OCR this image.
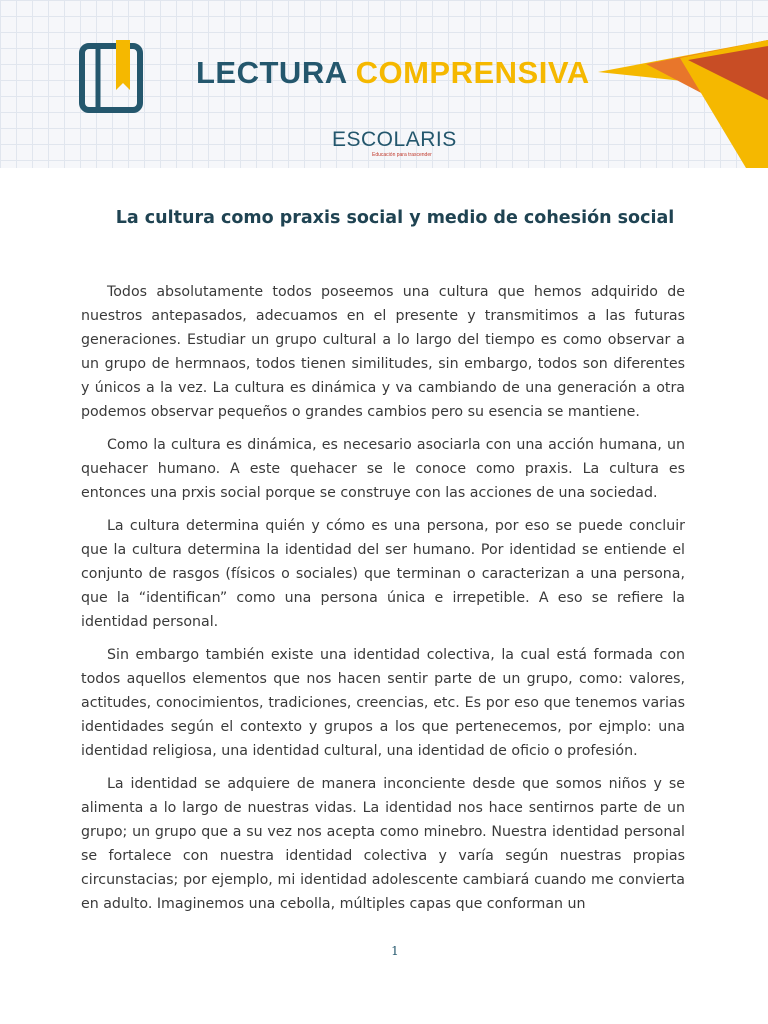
LECTURA COMPRENSIVA
ESCOLARIS
Educación para trascender
La cultura como praxis social y medio de cohesión social

Todos absolutamente todos poseemos una cultura que hemos adquirido de nuestros antepasados, adecuamos en el presente y transmitimos a las futuras generaciones. Estudiar un grupo cultural a lo largo del tiempo es como observar a un grupo de hermnaos, todos tienen similitudes, sin embargo, todos son diferentes y únicos a la vez. La cultura es dinámica y va cambiando de una generación a otra podemos observar pequeños o grandes cambios pero su esencia se mantiene.

Como la cultura es dinámica, es necesario asociarla con una acción humana, un quehacer humano. A este quehacer se le conoce como praxis. La cultura es entonces una prxis social porque se construye con las acciones de una sociedad.

La cultura determina quién y cómo es una persona, por eso se puede concluir que la cultura determina la identidad del ser humano. Por identidad se entiende el conjunto de rasgos (físicos o sociales) que terminan o caracterizan a una persona, que la “identifican” como una persona única e irrepetible. A eso se refiere la identidad personal.

Sin embargo también existe una identidad colectiva, la cual está formada con todos aquellos elementos que nos hacen sentir parte de un grupo, como: valores, actitudes, conocimientos, tradiciones, creencias, etc. Es por eso que tenemos varias identidades según el contexto y grupos a los que pertenecemos, por ejmplo: una identidad religiosa, una identidad cultural, una identidad de oficio o profesión.

La identidad se adquiere de manera inconciente desde que somos niños y se alimenta a lo largo de nuestras vidas. La identidad nos hace sentirnos parte de un grupo; un grupo que a su vez nos acepta como minebro. Nuestra identidad personal se fortalece con nuestra identidad colectiva y varía según nuestras propias circunstacias; por ejemplo, mi identidad adolescente cambiará cuando me convierta en adulto. Imaginemos una cebolla, múltiples capas que conforman un

1
